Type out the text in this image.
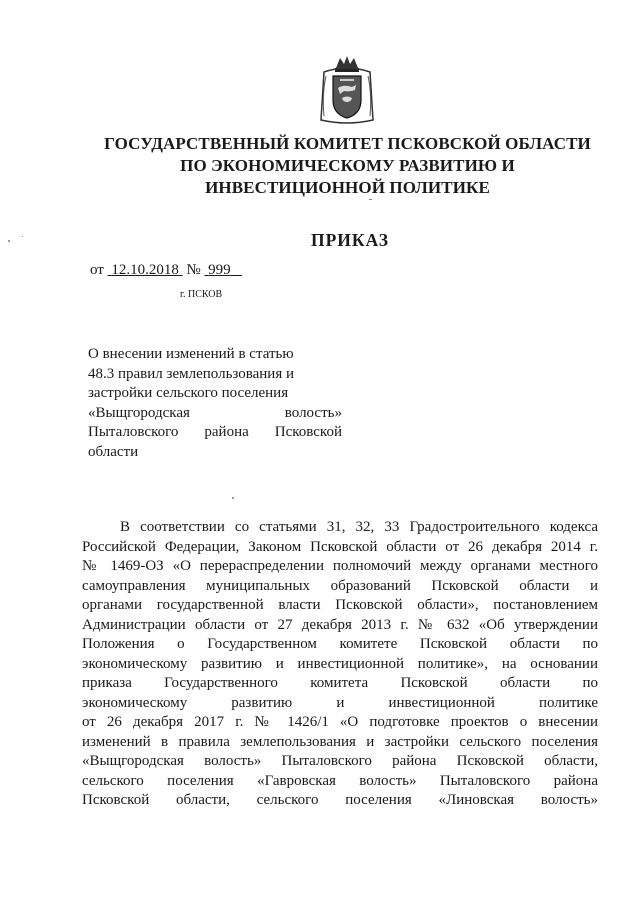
ГОСУДАРСТВЕННЫЙ КОМИТЕТ ПСКОВСКОЙ ОБЛАСТИ
ПО ЭКОНОМИЧЕСКОМУ РАЗВИТИЮ И
ИНВЕСТИЦИОННОЙ ПОЛИТИКЕ
ПРИКАЗ
от 12.10.2018 № 999
г. ПСКОВ
О внесении изменений в статью
48.3 правил землепользования и
застройки сельского поселения
«Выщгородская волость»
Пыталовского района Псковской
области
В соответствии со статьями 31, 32, 33 Градостроительного кодекса
Российской Федерации, Законом Псковской области от 26 декабря 2014 г.
№ 1469-ОЗ «О перераспределении полномочий между органами местного
самоуправления муниципальных образований Псковской области и
органами государственной власти Псковской области», постановлением
Администрации области от 27 декабря 2013 г. № 632 «Об утверждении
Положения о Государственном комитете Псковской области по
экономическому развитию и инвестиционной политике», на основании
приказа Государственного комитета Псковской области по
экономическому развитию и инвестиционной политике
от 26 декабря 2017 г. № 1426/1 «О подготовке проектов о внесении
изменений в правила землепользования и застройки сельского поселения
«Выщгородская волость» Пыталовского района Псковской области,
сельского поселения «Гавровская волость» Пыталовского района
Псковской области, сельского поселения «Линовская волость»
